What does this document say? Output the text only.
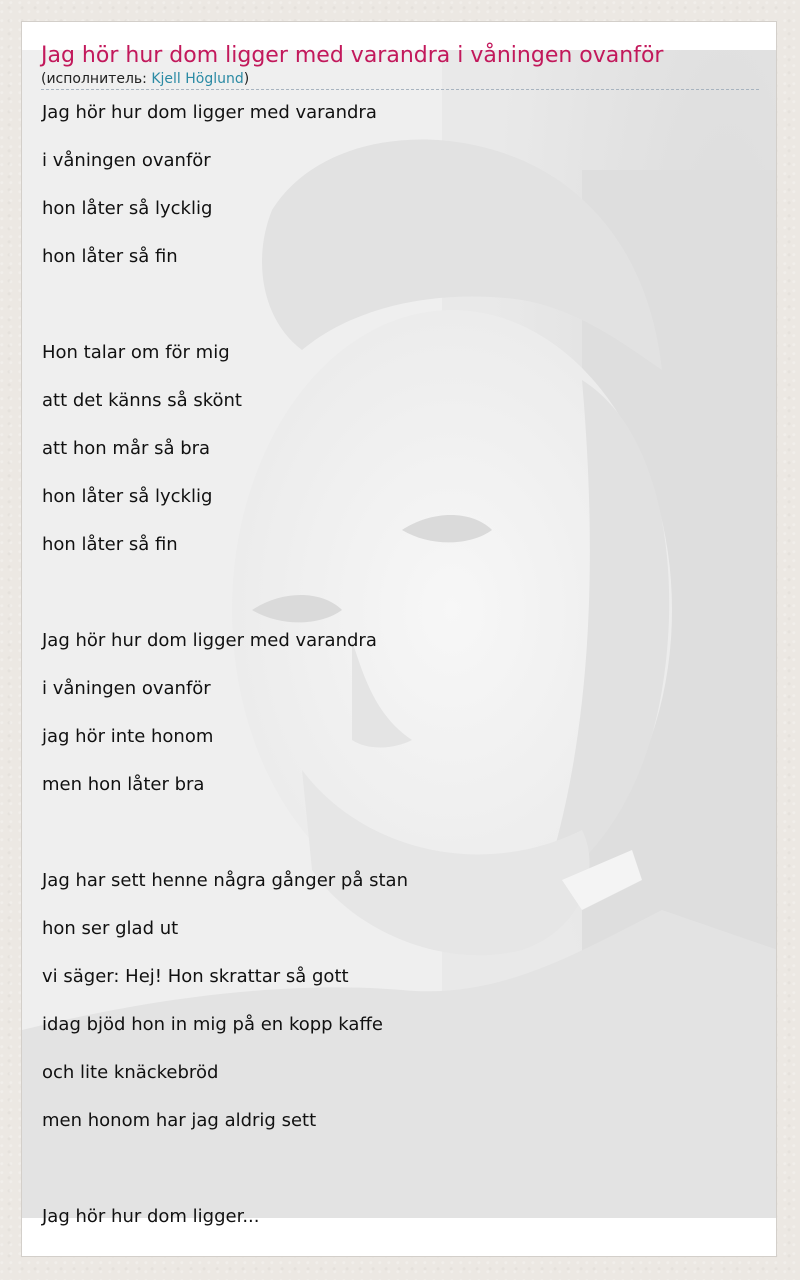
Jag hör hur dom ligger med varandra i våningen ovanför
(исполнитель: Kjell Höglund)
Jag hör hur dom ligger med varandra
i våningen ovanför
hon låter så lycklig
hon låter så fin
Hon talar om för mig
att det känns så skönt
att hon mår så bra
hon låter så lycklig
hon låter så fin
Jag hör hur dom ligger med varandra
i våningen ovanför
jag hör inte honom
men hon låter bra
Jag har sett henne några gånger på stan
hon ser glad ut
vi säger: Hej! Hon skrattar så gott
idag bjöd hon in mig på en kopp kaffe
och lite knäckebröd
men honom har jag aldrig sett
Jag hör hur dom ligger...
